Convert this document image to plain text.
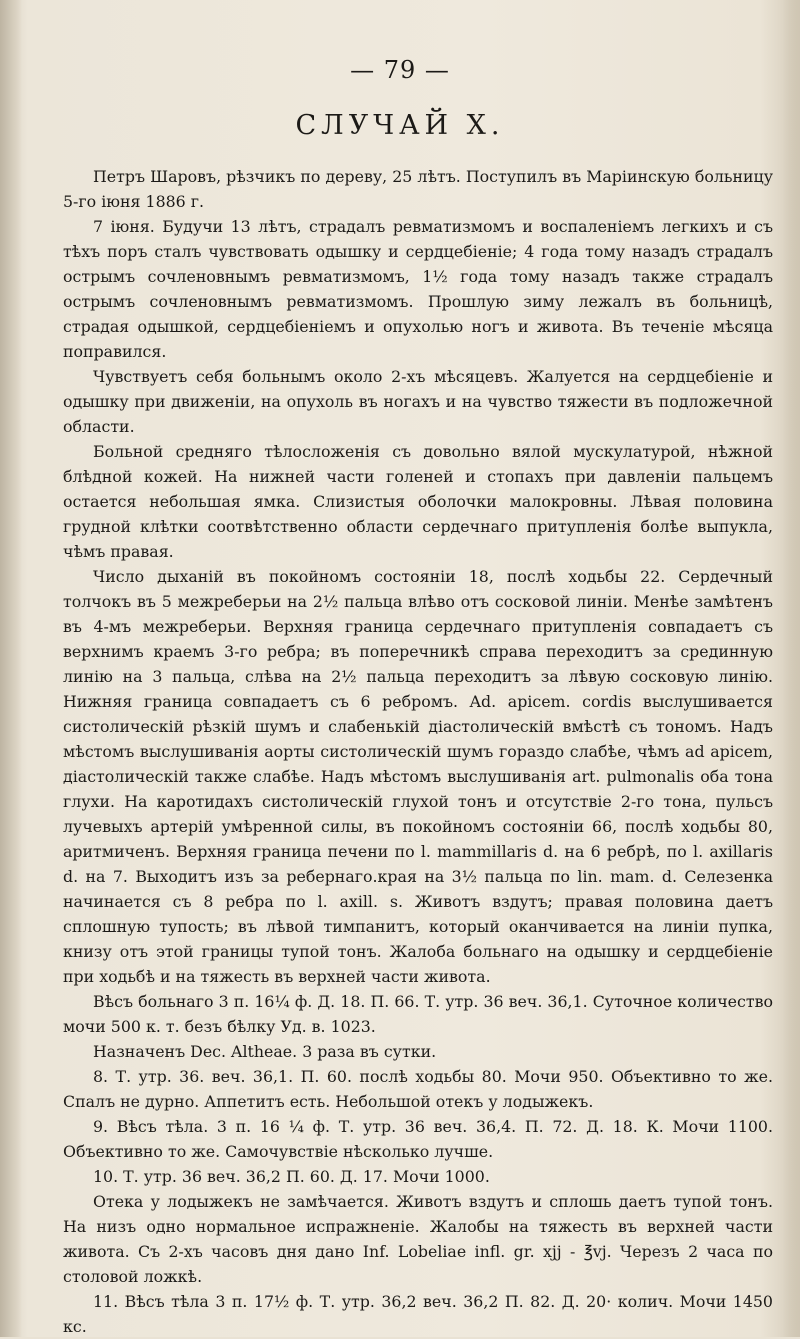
— 79 —
СЛУЧАЙ X.

Петръ Шаровъ, рѣзчикъ по дереву, 25 лѣтъ. Поступилъ въ Маріинскую больницу 5-го іюня 1886 г.

7 іюня. Будучи 13 лѣтъ, страдалъ ревматизмомъ и воспаленіемъ легкихъ и съ тѣхъ поръ сталъ чувствовать одышку и сердцебіеніе; 4 года тому назадъ страдалъ острымъ сочленовнымъ ревматизмомъ, 1½ года тому назадъ также страдалъ острымъ сочленовнымъ ревматизмомъ. Прошлую зиму лежалъ въ больницѣ, страдая одышкой, сердцебіеніемъ и опухолью ногъ и живота. Въ теченіе мѣсяца поправился.

Чувствуетъ себя больнымъ около 2-хъ мѣсяцевъ. Жалуется на сердцебіеніе и одышку при движеніи, на опухоль въ ногахъ и на чувство тяжести въ подложечной области.

Больной средняго тѣлосложенія съ довольно вялой мускулатурой, нѣжной блѣдной кожей. На нижней части голеней и стопахъ при давленіи пальцемъ остается небольшая ямка. Слизистыя оболочки малокровны. Лѣвая половина грудной клѣтки соотвѣтственно области сердечнаго притупленія болѣе выпукла, чѣмъ правая.

Число дыханій въ покойномъ состояніи 18, послѣ ходьбы 22. Сердечный толчокъ въ 5 межреберьи на 2½ пальца влѣво отъ сосковой линіи. Менѣе замѣтенъ въ 4-мъ межреберьи. Верхняя граница сердечнаго притупленія совпадаетъ съ верхнимъ краемъ 3-го ребра; въ поперечникѣ справа переходитъ за срединную линію на 3 пальца, слѣва на 2½ пальца переходитъ за лѣвую сосковую линію. Нижняя граница совпадаетъ съ 6 ребромъ. Ad. apicem. cordis выслушивается систолическій рѣзкій шумъ и слабенькій діастолическій вмѣстѣ съ тономъ. Надъ мѣстомъ выслушиванія аорты систолическій шумъ гораздо слабѣе, чѣмъ ad apicem, діастолическій также слабѣе. Надъ мѣстомъ выслушиванія art. pulmonalis оба тона глухи. На каротидахъ систолическій глухой тонъ и отсутствіе 2-го тона, пульсъ лучевыхъ артерій умѣренной силы, въ покойномъ состояніи 66, послѣ ходьбы 80, аритмиченъ. Верхняя граница печени по l. mammillaris d. на 6 ребрѣ, по l. axillaris d. на 7. Выходитъ изъ за ребернаго.края на 3½ пальца по lin. mam. d. Селезенка начинается съ 8 ребра по l. axill. s. Животъ вздутъ; правая половина даетъ сплошную тупость; въ лѣвой тимпанитъ, который оканчивается на линіи пупка, книзу отъ этой границы тупой тонъ. Жалоба больнаго на одышку и сердцебіеніе при ходьбѣ и на тяжесть въ верхней части живота.

Вѣсъ больнаго 3 п. 16¼ ф. Д. 18. П. 66. Т. утр. 36 веч. 36,1. Суточное количество мочи 500 к. т. безъ бѣлку Уд. в. 1023.

Назначенъ Dec. Altheae. 3 раза въ сутки.

8. Т. утр. 36. веч. 36,1. П. 60. послѣ ходьбы 80. Мочи 950. Объективно то же. Спалъ не дурно. Аппетитъ есть. Небольшой отекъ у лодыжекъ.

9. Вѣсъ тѣла. 3 п. 16 ¼ ф. Т. утр. 36 веч. 36,4. П. 72. Д. 18. К. Мочи 1100. Объективно то же. Самочувствіе нѣсколько лучше.

10. Т. утр. 36 веч. 36,2 П. 60. Д. 17. Мочи 1000.

Отека у лодыжекъ не замѣчается. Животъ вздутъ и сплошь даетъ тупой тонъ. На низъ одно нормальное испражненіе. Жалобы на тяжесть въ верхней части живота. Съ 2-хъ часовъ дня дано Inf. Lobeliae infl. gr. xjj - ℥vj. Черезъ 2 часа по столовой ложкѣ.

11. Вѣсъ тѣла 3 п. 17½ ф. Т. утр. 36,2 веч. 36,2 П. 82. Д. 20· колич. Мочи 1450 кс.
